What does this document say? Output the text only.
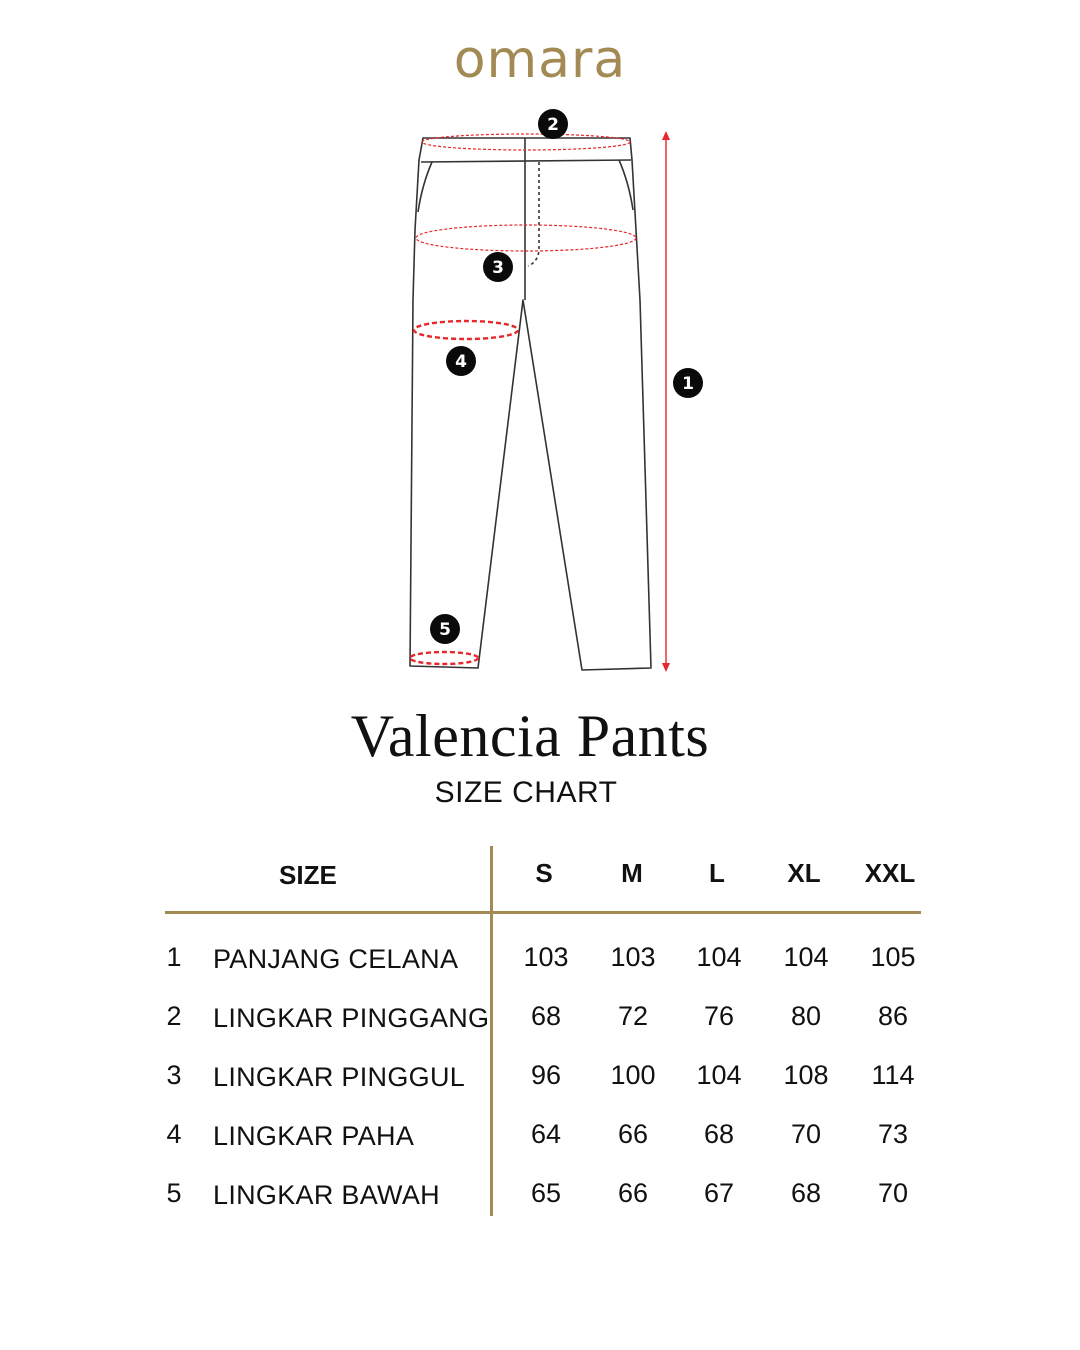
omara
1
2
3
4
5
Valencia Pants
SIZE CHART
SIZE	S	M	L	XL	XXL
1 PANJANG CELANA	103	103	104	104	105
2 LINGKAR PINGGANG	68	72	76	80	86
3 LINGKAR PINGGUL	96	100	104	108	114
4 LINGKAR PAHA	64	66	68	70	73
5 LINGKAR BAWAH	65	66	67	68	70
